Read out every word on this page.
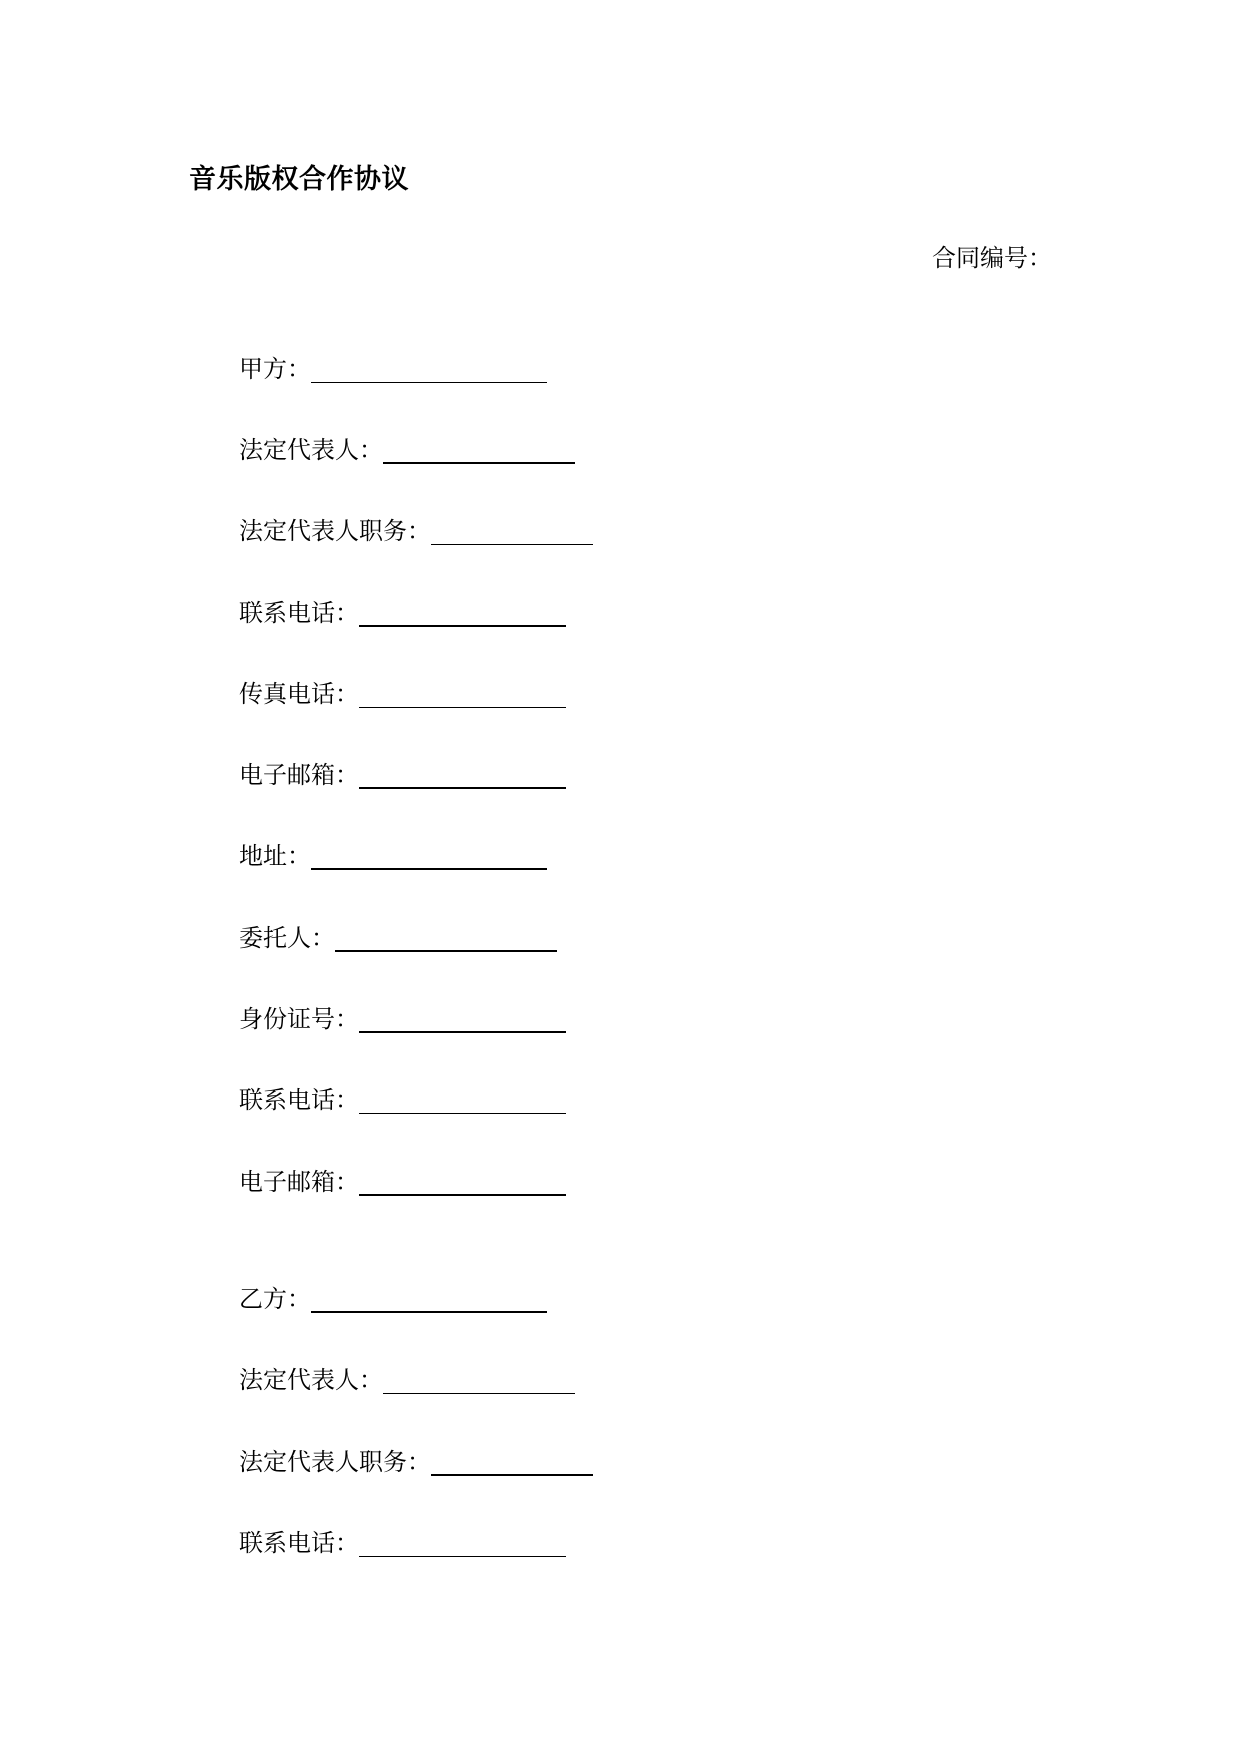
音乐版权合作协议
合同编号：
甲方：
法定代表人：
法定代表人职务：
联系电话：
传真电话：
电子邮箱：
地址：
委托人：
身份证号：
联系电话：
电子邮箱：
乙方：
法定代表人：
法定代表人职务：
联系电话：
